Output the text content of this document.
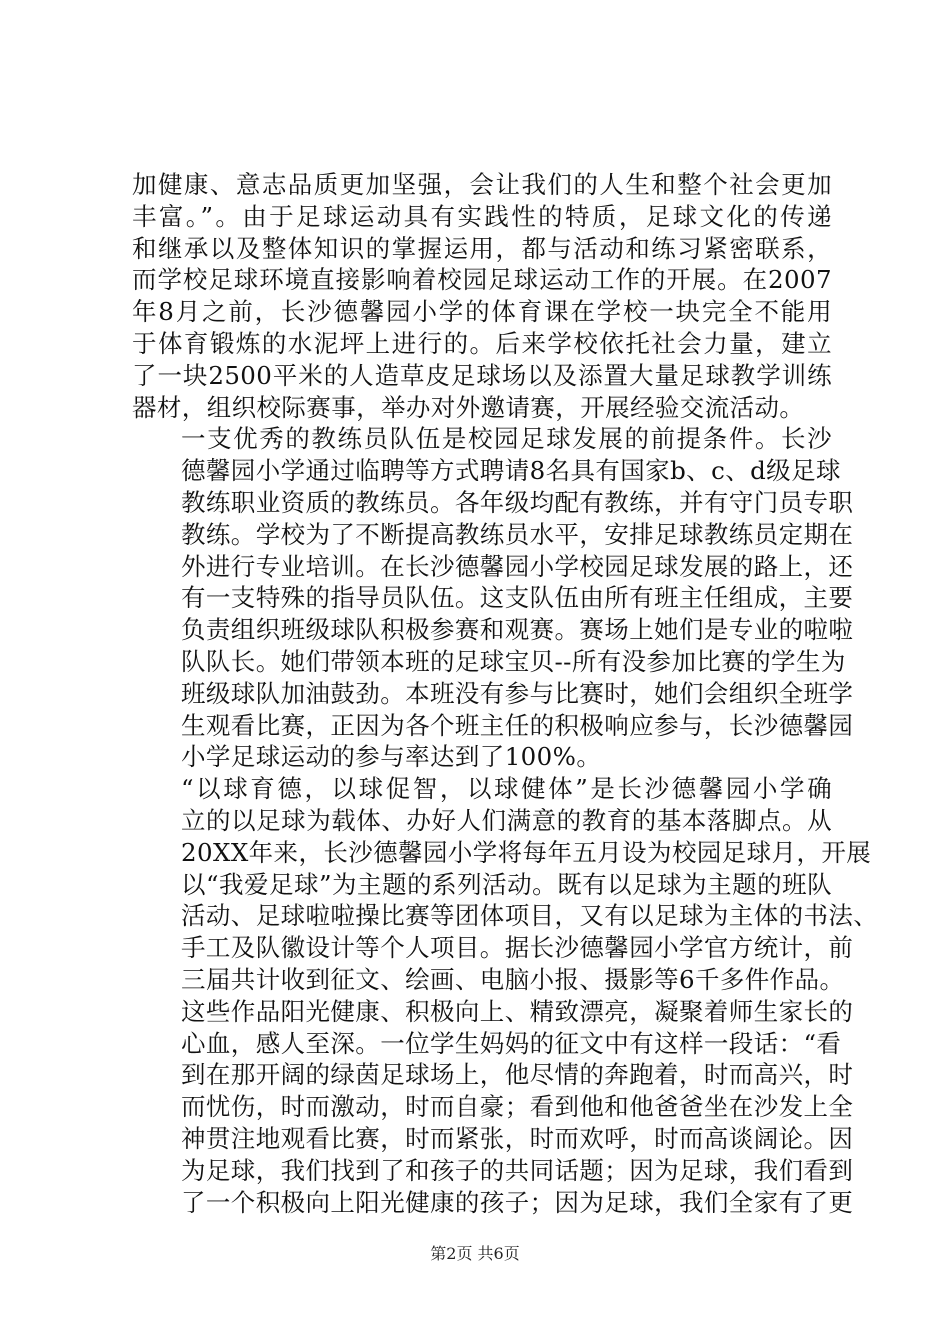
加健康、意志品质更加坚强，会让我们的人生和整个社会更加
丰富。”。由于足球运动具有实践性的特质，足球文化的传递
和继承以及整体知识的掌握运用，都与活动和练习紧密联系，
而学校足球环境直接影响着校园足球运动工作的开展。在2007
年8月之前，长沙德馨园小学的体育课在学校一块完全不能用
于体育锻炼的水泥坪上进行的。后来学校依托社会力量，建立
了一块2500平米的人造草皮足球场以及添置大量足球教学训练
器材，组织校际赛事，举办对外邀请赛，开展经验交流活动。

一支优秀的教练员队伍是校园足球发展的前提条件。长沙
德馨园小学通过临聘等方式聘请8名具有国家b、c、d级足球
教练职业资质的教练员。各年级均配有教练，并有守门员专职
教练。学校为了不断提高教练员水平，安排足球教练员定期在
外进行专业培训。在长沙德馨园小学校园足球发展的路上，还
有一支特殊的指导员队伍。这支队伍由所有班主任组成，主要
负责组织班级球队积极参赛和观赛。赛场上她们是专业的啦啦
队队长。她们带领本班的足球宝贝--所有没参加比赛的学生为
班级球队加油鼓劲。本班没有参与比赛时，她们会组织全班学
生观看比赛，正因为各个班主任的积极响应参与，长沙德馨园
小学足球运动的参与率达到了100%。

“以球育德，以球促智，以球健体”是长沙德馨园小学确
立的以足球为载体、办好人们满意的教育的基本落脚点。从
20XX年来，长沙德馨园小学将每年五月设为校园足球月，开展
以“我爱足球”为主题的系列活动。既有以足球为主题的班队
活动、足球啦啦操比赛等团体项目，又有以足球为主体的书法、
手工及队徽设计等个人项目。据长沙德馨园小学官方统计，前
三届共计收到征文、绘画、电脑小报、摄影等6千多件作品。
这些作品阳光健康、积极向上、精致漂亮，凝聚着师生家长的
心血，感人至深。一位学生妈妈的征文中有这样一段话：“看
到在那开阔的绿茵足球场上，他尽情的奔跑着，时而高兴，时
而忧伤，时而激动，时而自豪；看到他和他爸爸坐在沙发上全
神贯注地观看比赛，时而紧张，时而欢呼，时而高谈阔论。因
为足球，我们找到了和孩子的共同话题；因为足球，我们看到
了一个积极向上阳光健康的孩子；因为足球，我们全家有了更

第2页 共6页
